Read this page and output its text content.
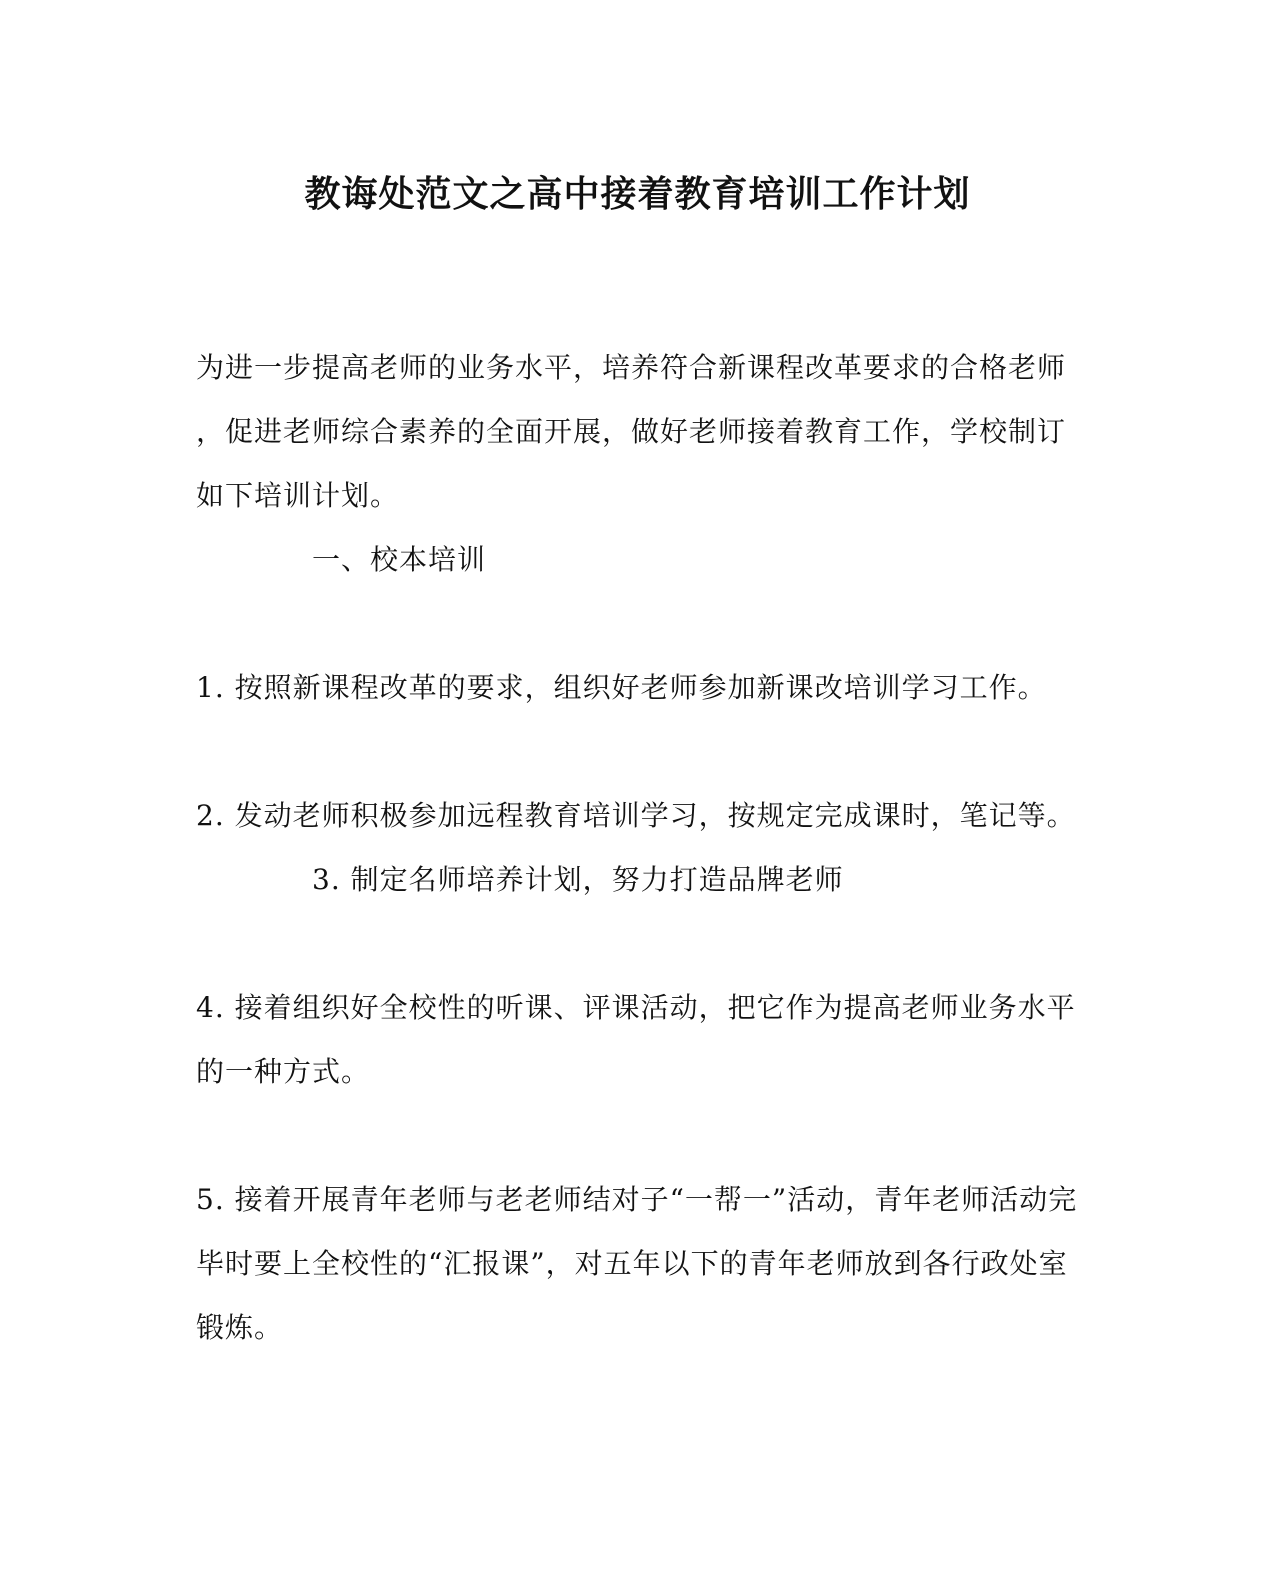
教诲处范文之高中接着教育培训工作计划
为进一步提高老师的业务水平，培养符合新课程改革要求的合格老师
，促进老师综合素养的全面开展，做好老师接着教育工作，学校制订
如下培训计划。
一、校本培训
1. 按照新课程改革的要求，组织好老师参加新课改培训学习工作。
2. 发动老师积极参加远程教育培训学习，按规定完成课时，笔记等。
3. 制定名师培养计划，努力打造品牌老师
4. 接着组织好全校性的听课、评课活动，把它作为提高老师业务水平
的一种方式。
5. 接着开展青年老师与老老师结对子“一帮一”活动，青年老师活动完
毕时要上全校性的“汇报课”，对五年以下的青年老师放到各行政处室
锻炼。
